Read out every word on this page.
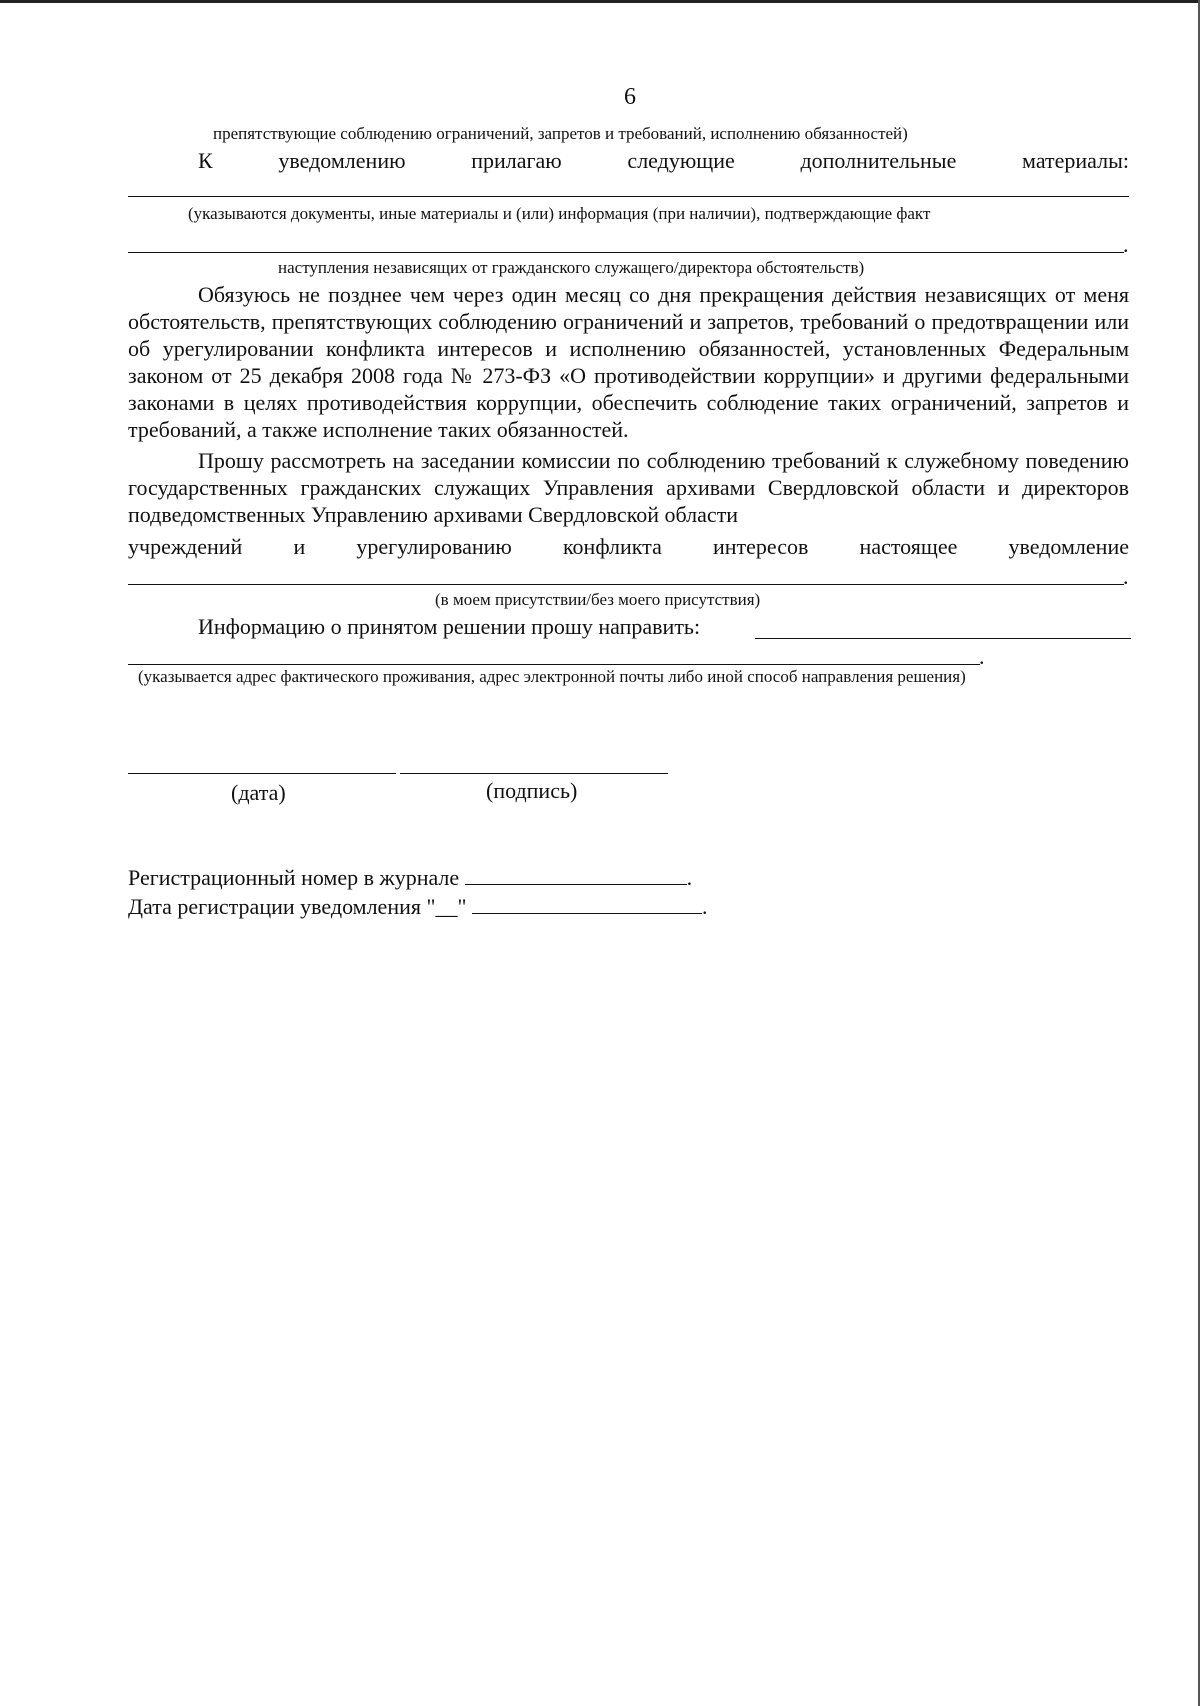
6
препятствующие соблюдению ограничений, запретов и требований, исполнению обязанностей)
К уведомлению прилагаю следующие дополнительные материалы:
(указываются документы, иные материалы и (или) информация (при наличии), подтверждающие факт
.
наступления независящих от гражданского служащего/директора обстоятельств)
Обязуюсь не позднее чем через один месяц со дня прекращения действия независящих от меня обстоятельств, препятствующих соблюдению ограничений и запретов, требований о предотвращении или об урегулировании конфликта интересов и исполнению обязанностей, установленных Федеральным законом от 25 декабря 2008 года № 273-ФЗ «О противодействии коррупции» и другими федеральными законами в целях противодействия коррупции, обеспечить соблюдение таких ограничений, запретов и требований, а также исполнение таких обязанностей.
Прошу рассмотреть на заседании комиссии по соблюдению требований к служебному поведению государственных гражданских служащих Управления архивами Свердловской области и директоров подведомственных Управлению архивами Свердловской области
учреждений и урегулированию конфликта интересов настоящее уведомление
.
(в моем присутствии/без моего присутствия)
Информацию о принятом решении прошу направить:
.
(указывается адрес фактического проживания, адрес электронной почты либо иной способ направления решения)
(дата)	(подпись)
Регистрационный номер в журнале	.
Дата регистрации уведомления "__"	.
